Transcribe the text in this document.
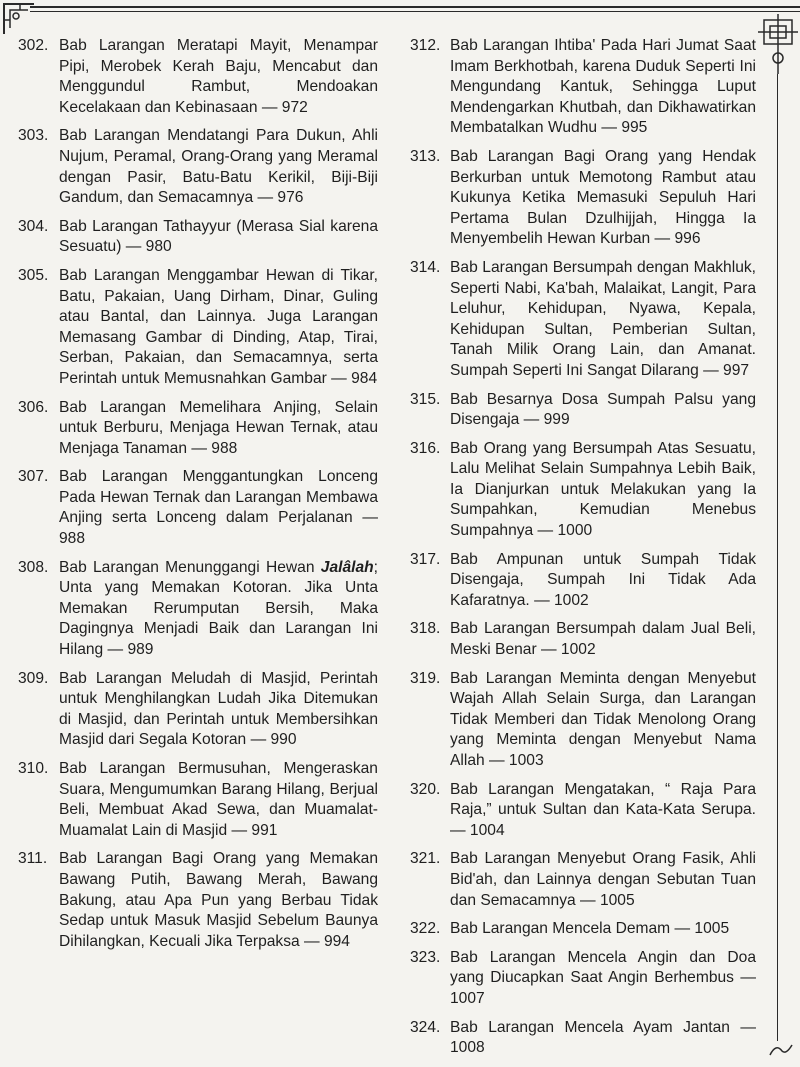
302. Bab Larangan Meratapi Mayit, Menampar Pipi, Merobek Kerah Baju, Mencabut dan Menggundul Rambut, Mendoakan Kecelakaan dan Kebinasaan — 972
303. Bab Larangan Mendatangi Para Dukun, Ahli Nujum, Peramal, Orang-Orang yang Meramal dengan Pasir, Batu-Batu Kerikil, Biji-Biji Gandum, dan Semacamnya — 976
304. Bab Larangan Tathayyur (Merasa Sial karena Sesuatu) — 980
305. Bab Larangan Menggambar Hewan di Tikar, Batu, Pakaian, Uang Dirham, Dinar, Guling atau Bantal, dan Lainnya. Juga Larangan Memasang Gambar di Dinding, Atap, Tirai, Serban, Pakaian, dan Semacamnya, serta Perintah untuk Memusnahkan Gambar — 984
306. Bab Larangan Memelihara Anjing, Selain untuk Berburu, Menjaga Hewan Ternak, atau Menjaga Tanaman — 988
307. Bab Larangan Menggantungkan Lonceng Pada Hewan Ternak dan Larangan Membawa Anjing serta Lonceng dalam Perjalanan — 988
308. Bab Larangan Menunggangi Hewan Jalâlah; Unta yang Memakan Kotoran. Jika Unta Memakan Rerumputan Bersih, Maka Dagingnya Menjadi Baik dan Larangan Ini Hilang — 989
309. Bab Larangan Meludah di Masjid, Perintah untuk Menghilangkan Ludah Jika Ditemukan di Masjid, dan Perintah untuk Membersihkan Masjid dari Segala Kotoran — 990
310. Bab Larangan Bermusuhan, Mengeraskan Suara, Mengumumkan Barang Hilang, Berjual Beli, Membuat Akad Sewa, dan Muamalat-Muamalat Lain di Masjid — 991
311. Bab Larangan Bagi Orang yang Memakan Bawang Putih, Bawang Merah, Bawang Bakung, atau Apa Pun yang Berbau Tidak Sedap untuk Masuk Masjid Sebelum Baunya Dihilangkan, Kecuali Jika Terpaksa — 994
312. Bab Larangan Ihtiba' Pada Hari Jumat Saat Imam Berkhotbah, karena Duduk Seperti Ini Mengundang Kantuk, Sehingga Luput Mendengarkan Khutbah, dan Dikhawatirkan Membatalkan Wudhu — 995
313. Bab Larangan Bagi Orang yang Hendak Berkurban untuk Memotong Rambut atau Kukunya Ketika Memasuki Sepuluh Hari Pertama Bulan Dzulhijjah, Hingga Ia Menyembelih Hewan Kurban — 996
314. Bab Larangan Bersumpah dengan Makhluk, Seperti Nabi, Ka'bah, Malaikat, Langit, Para Leluhur, Kehidupan, Nyawa, Kepala, Kehidupan Sultan, Pemberian Sultan, Tanah Milik Orang Lain, dan Amanat. Sumpah Seperti Ini Sangat Dilarang — 997
315. Bab Besarnya Dosa Sumpah Palsu yang Disengaja — 999
316. Bab Orang yang Bersumpah Atas Sesuatu, Lalu Melihat Selain Sumpahnya Lebih Baik, Ia Dianjurkan untuk Melakukan yang Ia Sumpahkan, Kemudian Menebus Sumpahnya — 1000
317. Bab Ampunan untuk Sumpah Tidak Disengaja, Sumpah Ini Tidak Ada Kafaratnya. — 1002
318. Bab Larangan Bersumpah dalam Jual Beli, Meski Benar — 1002
319. Bab Larangan Meminta dengan Menyebut Wajah Allah Selain Surga, dan Larangan Tidak Memberi dan Tidak Menolong Orang yang Meminta dengan Menyebut Nama Allah — 1003
320. Bab Larangan Mengatakan, “ Raja Para Raja,” untuk Sultan dan Kata-Kata Serupa. — 1004
321. Bab Larangan Menyebut Orang Fasik, Ahli Bid'ah, dan Lainnya dengan Sebutan Tuan dan Semacamnya — 1005
322. Bab Larangan Mencela Demam — 1005
323. Bab Larangan Mencela Angin dan Doa yang Diucapkan Saat Angin Berhembus — 1007
324. Bab Larangan Mencela Ayam Jantan — 1008
